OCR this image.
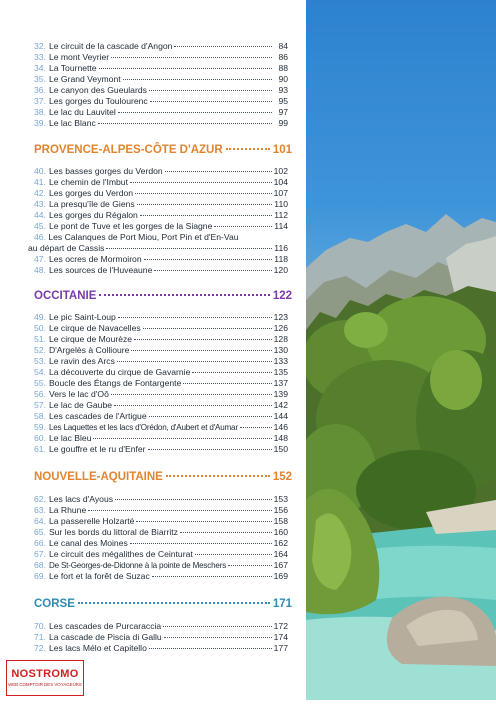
32. Le circuit de la cascade d'Angon	84
33. Le mont Veyrier	86
34. La Tournette	88
35. Le Grand Veymont	90
36. Le canyon des Gueulards	93
37. Les gorges du Toulourenc	95
38. Le lac du Lauvitel	97
39. Le lac Blanc	99
PROVENCE-ALPES-CÔTE D'AZUR	101
40. Les basses gorges du Verdon	102
41. Le chemin de l'Imbut	104
42. Les gorges du Verdon	107
43. La presqu'île de Giens	110
44. Les gorges du Régalon	112
45. Le pont de Tuve et les gorges de la Siagne	114
46. Les Calanques de Port Miou, Port Pin et d'En-Vau
au départ de Cassis	116
47. Les ocres de Mormoiron	118
48. Les sources de l'Huveaune	120
OCCITANIE	122
49. Le pic Saint-Loup	123
50. Le cirque de Navacelles	126
51. Le cirque de Mourèze	128
52. D'Argelès à Collioure	130
53. Le ravin des Arcs	133
54. La découverte du cirque de Gavarnie	135
55. Boucle des Étangs de Fontargente	137
56. Vers le lac d'Oô	139
57. Le lac de Gaube	142
58. Les cascades de l'Artigue	144
59. Les Laquettes et les lacs d'Orédon, d'Aubert et d'Aumar	146
60. Le lac Bleu	148
61. Le gouffre et le ru d'Enfer	150
NOUVELLE-AQUITAINE	152
62. Les lacs d'Ayous	153
63. La Rhune	156
64. La passerelle Holzarté	158
65. Sur les bords du littoral de Biarritz	160
66. Le canal des Moines	162
67. Le circuit des mégalithes de Ceinturat	164
68. De St-Georges-de-Didonne à la pointe de Meschers	167
69. Le fort et la forêt de Suzac	169
CORSE	171
70. Les cascades de Purcaraccia	172
71. La cascade de Piscia di Gallu	174
72. Les lacs Mélo et Capitello	177
NOSTROMO
WEB COMPTOIR DES VOYAGEURS
